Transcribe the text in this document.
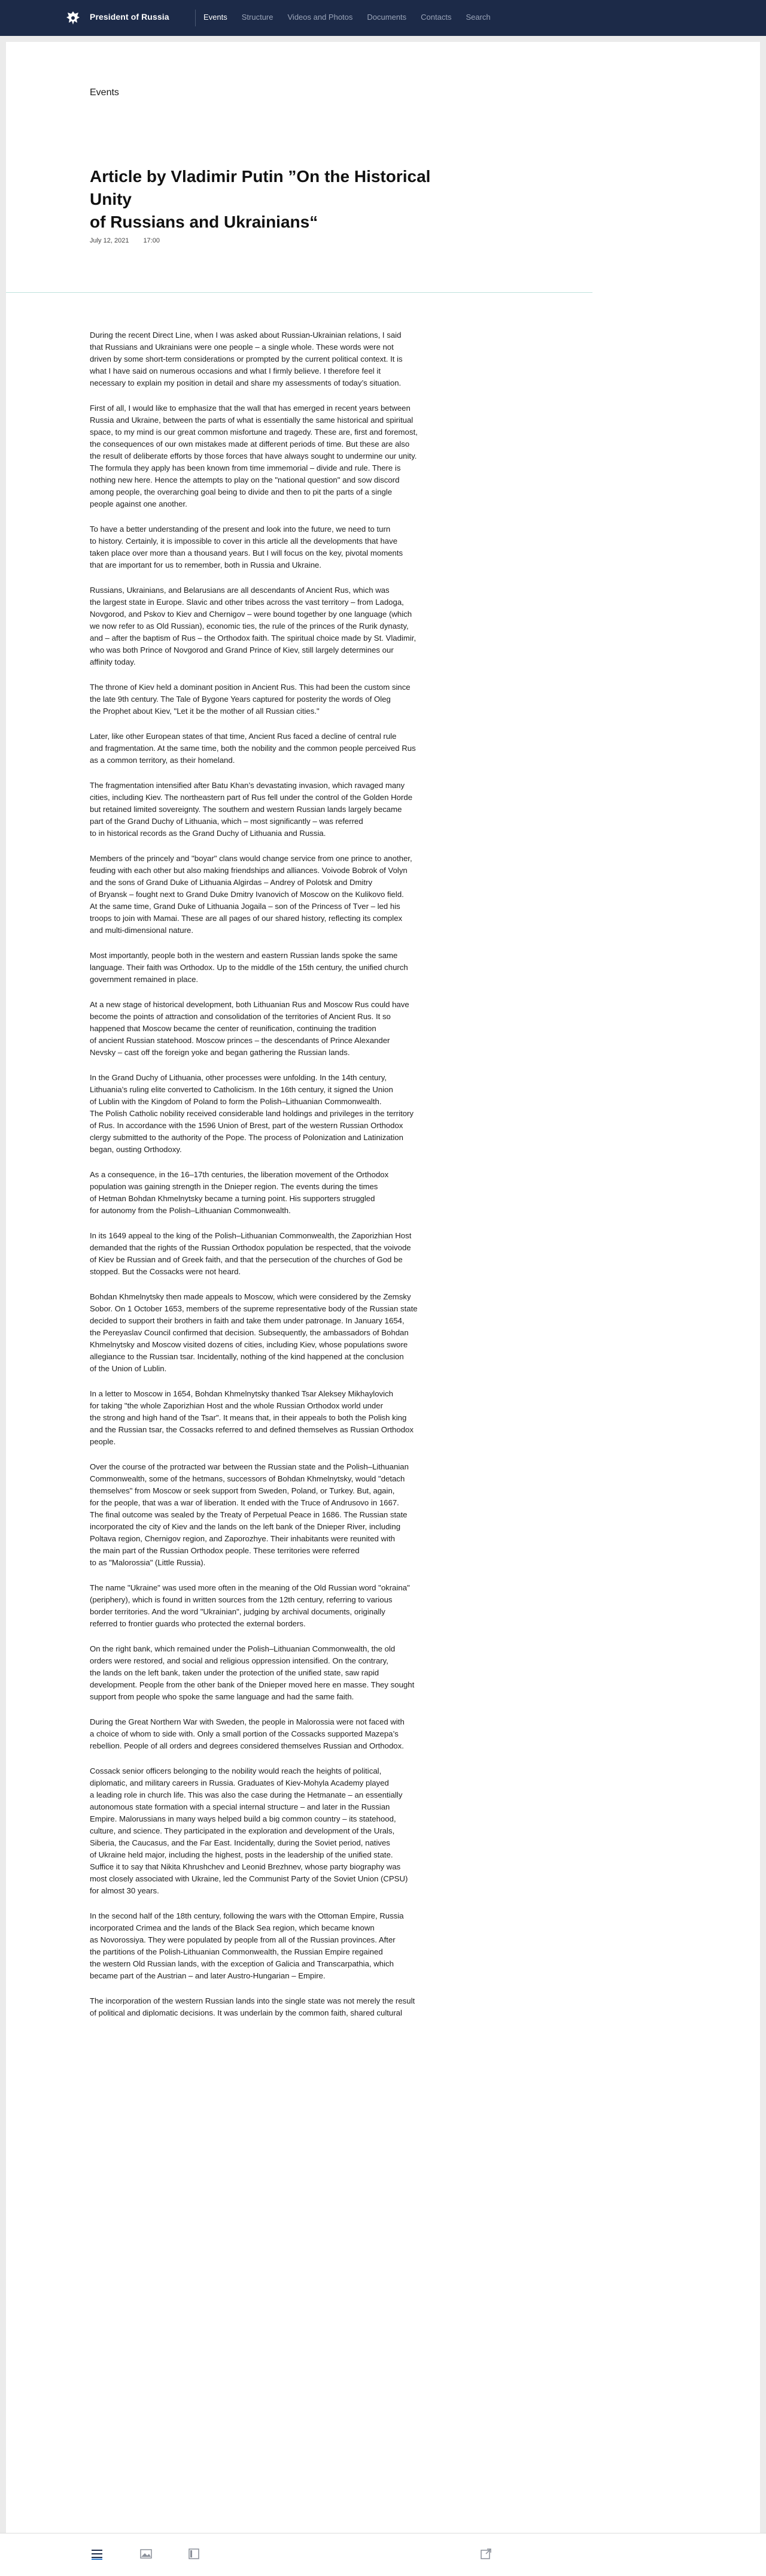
President of Russia	Events Structure Videos and Photos Documents Contacts Search
Events
Article by Vladimir Putin ”On the Historical Unity
of Russians and Ukrainians“
July 12, 2021 17:00

During the recent Direct Line, when I was asked about Russian-Ukrainian relations, I said
that Russians and Ukrainians were one people – a single whole. These words were not
driven by some short-term considerations or prompted by the current political context. It is
what I have said on numerous occasions and what I firmly believe. I therefore feel it
necessary to explain my position in detail and share my assessments of today’s situation.

First of all, I would like to emphasize that the wall that has emerged in recent years between
Russia and Ukraine, between the parts of what is essentially the same historical and spiritual
space, to my mind is our great common misfortune and tragedy. These are, first and foremost,
the consequences of our own mistakes made at different periods of time. But these are also
the result of deliberate efforts by those forces that have always sought to undermine our unity.
The formula they apply has been known from time immemorial – divide and rule. There is
nothing new here. Hence the attempts to play on the "national question" and sow discord
among people, the overarching goal being to divide and then to pit the parts of a single
people against one another.

To have a better understanding of the present and look into the future, we need to turn
to history. Certainly, it is impossible to cover in this article all the developments that have
taken place over more than a thousand years. But I will focus on the key, pivotal moments
that are important for us to remember, both in Russia and Ukraine.

Russians, Ukrainians, and Belarusians are all descendants of Ancient Rus, which was
the largest state in Europe. Slavic and other tribes across the vast territory – from Ladoga,
Novgorod, and Pskov to Kiev and Chernigov – were bound together by one language (which
we now refer to as Old Russian), economic ties, the rule of the princes of the Rurik dynasty,
and – after the baptism of Rus – the Orthodox faith. The spiritual choice made by St. Vladimir,
who was both Prince of Novgorod and Grand Prince of Kiev, still largely determines our
affinity today.

The throne of Kiev held a dominant position in Ancient Rus. This had been the custom since
the late 9th century. The Tale of Bygone Years captured for posterity the words of Oleg
the Prophet about Kiev, "Let it be the mother of all Russian cities."

Later, like other European states of that time, Ancient Rus faced a decline of central rule
and fragmentation. At the same time, both the nobility and the common people perceived Rus
as a common territory, as their homeland.

The fragmentation intensified after Batu Khan’s devastating invasion, which ravaged many
cities, including Kiev. The northeastern part of Rus fell under the control of the Golden Horde
but retained limited sovereignty. The southern and western Russian lands largely became
part of the Grand Duchy of Lithuania, which – most significantly – was referred
to in historical records as the Grand Duchy of Lithuania and Russia.

Members of the princely and "boyar" clans would change service from one prince to another,
feuding with each other but also making friendships and alliances. Voivode Bobrok of Volyn
and the sons of Grand Duke of Lithuania Algirdas – Andrey of Polotsk and Dmitry
of Bryansk – fought next to Grand Duke Dmitry Ivanovich of Moscow on the Kulikovo field.
At the same time, Grand Duke of Lithuania Jogaila – son of the Princess of Tver – led his
troops to join with Mamai. These are all pages of our shared history, reflecting its complex
and multi-dimensional nature.

Most importantly, people both in the western and eastern Russian lands spoke the same
language. Their faith was Orthodox. Up to the middle of the 15th century, the unified church
government remained in place.

At a new stage of historical development, both Lithuanian Rus and Moscow Rus could have
become the points of attraction and consolidation of the territories of Ancient Rus. It so
happened that Moscow became the center of reunification, continuing the tradition
of ancient Russian statehood. Moscow princes – the descendants of Prince Alexander
Nevsky – cast off the foreign yoke and began gathering the Russian lands.

In the Grand Duchy of Lithuania, other processes were unfolding. In the 14th century,
Lithuania’s ruling elite converted to Catholicism. In the 16th century, it signed the Union
of Lublin with the Kingdom of Poland to form the Polish–Lithuanian Commonwealth.
The Polish Catholic nobility received considerable land holdings and privileges in the territory
of Rus. In accordance with the 1596 Union of Brest, part of the western Russian Orthodox
clergy submitted to the authority of the Pope. The process of Polonization and Latinization
began, ousting Orthodoxy.

As a consequence, in the 16–17th centuries, the liberation movement of the Orthodox
population was gaining strength in the Dnieper region. The events during the times
of Hetman Bohdan Khmelnytsky became a turning point. His supporters struggled
for autonomy from the Polish–Lithuanian Commonwealth.

In its 1649 appeal to the king of the Polish–Lithuanian Commonwealth, the Zaporizhian Host
demanded that the rights of the Russian Orthodox population be respected, that the voivode
of Kiev be Russian and of Greek faith, and that the persecution of the churches of God be
stopped. But the Cossacks were not heard.

Bohdan Khmelnytsky then made appeals to Moscow, which were considered by the Zemsky
Sobor. On 1 October 1653, members of the supreme representative body of the Russian state
decided to support their brothers in faith and take them under patronage. In January 1654,
the Pereyaslav Council confirmed that decision. Subsequently, the ambassadors of Bohdan
Khmelnytsky and Moscow visited dozens of cities, including Kiev, whose populations swore
allegiance to the Russian tsar. Incidentally, nothing of the kind happened at the conclusion
of the Union of Lublin.

In a letter to Moscow in 1654, Bohdan Khmelnytsky thanked Tsar Aleksey Mikhaylovich
for taking "the whole Zaporizhian Host and the whole Russian Orthodox world under
the strong and high hand of the Tsar". It means that, in their appeals to both the Polish king
and the Russian tsar, the Cossacks referred to and defined themselves as Russian Orthodox
people.

Over the course of the protracted war between the Russian state and the Polish–Lithuanian
Commonwealth, some of the hetmans, successors of Bohdan Khmelnytsky, would "detach
themselves" from Moscow or seek support from Sweden, Poland, or Turkey. But, again,
for the people, that was a war of liberation. It ended with the Truce of Andrusovo in 1667.
The final outcome was sealed by the Treaty of Perpetual Peace in 1686. The Russian state
incorporated the city of Kiev and the lands on the left bank of the Dnieper River, including
Poltava region, Chernigov region, and Zaporozhye. Their inhabitants were reunited with
the main part of the Russian Orthodox people. These territories were referred
to as "Malorossia" (Little Russia).

The name "Ukraine" was used more often in the meaning of the Old Russian word "okraina"
(periphery), which is found in written sources from the 12th century, referring to various
border territories. And the word "Ukrainian", judging by archival documents, originally
referred to frontier guards who protected the external borders.

On the right bank, which remained under the Polish–Lithuanian Commonwealth, the old
orders were restored, and social and religious oppression intensified. On the contrary,
the lands on the left bank, taken under the protection of the unified state, saw rapid
development. People from the other bank of the Dnieper moved here en masse. They sought
support from people who spoke the same language and had the same faith.

During the Great Northern War with Sweden, the people in Malorossia were not faced with
a choice of whom to side with. Only a small portion of the Cossacks supported Mazepa’s
rebellion. People of all orders and degrees considered themselves Russian and Orthodox.

Cossack senior officers belonging to the nobility would reach the heights of political,
diplomatic, and military careers in Russia. Graduates of Kiev-Mohyla Academy played
a leading role in church life. This was also the case during the Hetmanate – an essentially
autonomous state formation with a special internal structure – and later in the Russian
Empire. Malorussians in many ways helped build a big common country – its statehood,
culture, and science. They participated in the exploration and development of the Urals,
Siberia, the Caucasus, and the Far East. Incidentally, during the Soviet period, natives
of Ukraine held major, including the highest, posts in the leadership of the unified state.
Suffice it to say that Nikita Khrushchev and Leonid Brezhnev, whose party biography was
most closely associated with Ukraine, led the Communist Party of the Soviet Union (CPSU)
for almost 30 years.

In the second half of the 18th century, following the wars with the Ottoman Empire, Russia
incorporated Crimea and the lands of the Black Sea region, which became known
as Novorossiya. They were populated by people from all of the Russian provinces. After
the partitions of the Polish-Lithuanian Commonwealth, the Russian Empire regained
the western Old Russian lands, with the exception of Galicia and Transcarpathia, which
became part of the Austrian – and later Austro-Hungarian – Empire.

The incorporation of the western Russian lands into the single state was not merely the result
of political and diplomatic decisions. It was underlain by the common faith, shared cultural
